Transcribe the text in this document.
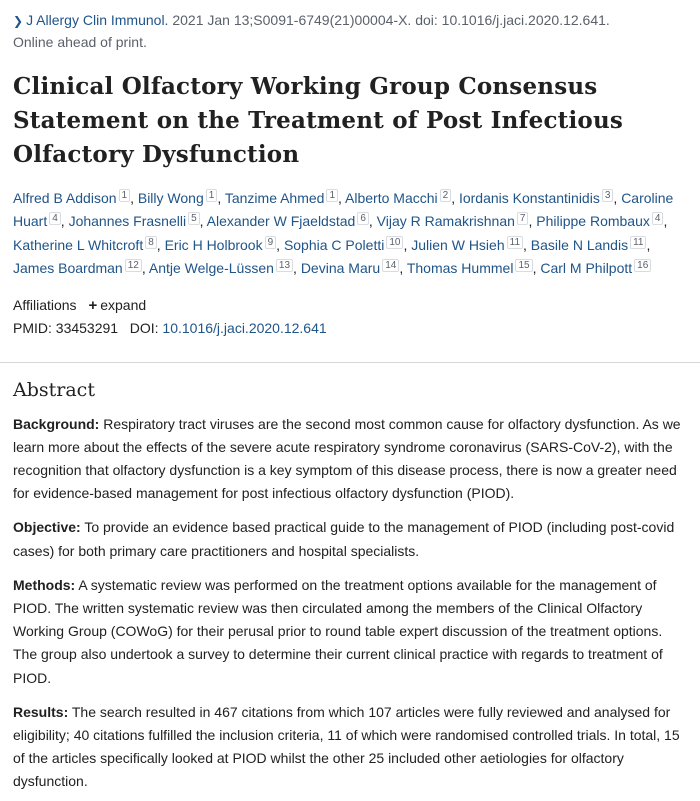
❯ J Allergy Clin Immunol. 2021 Jan 13;S0091-6749(21)00004-X. doi: 10.1016/j.jaci.2020.12.641.
Online ahead of print.
Clinical Olfactory Working Group Consensus Statement on the Treatment of Post Infectious Olfactory Dysfunction
Alfred B Addison $^1$ , Billy Wong $^1$ , Tanzime Ahmed $^1$ , Alberto Macchi $^2$ , Iordanis Konstantinidis $^3$ , Caroline Huart $^4$ , Johannes Frasnelli $^5$ , Alexander W Fjaeldstad $^6$ , Vijay R Ramakrishnan $^7$ , Philippe Rombaux $^4$ , Katherine L Whitcroft $^8$ , Eric H Holbrook $^9$ , Sophia C Poletti $^{10}$ , Julien W Hsieh $^{11}$ , Basile N Landis $^{11}$ , James Boardman $^{12}$ , Antje Welge-Lüssen $^{13}$ , Devina Maru $^{14}$ , Thomas Hummel $^{15}$ , Carl M Philpott $^{16}$
Affiliations + expand
PMID: 33453291 DOI: 10.1016/j.jaci.2020.12.641
Abstract

Background: Respiratory tract viruses are the second most common cause for olfactory dysfunction. As we learn more about the effects of the severe acute respiratory syndrome coronavirus (SARS-CoV-2), with the recognition that olfactory dysfunction is a key symptom of this disease process, there is now a greater need for evidence-based management for post infectious olfactory dysfunction (PIOD).

Objective: To provide an evidence based practical guide to the management of PIOD (including post-covid cases) for both primary care practitioners and hospital specialists.

Methods: A systematic review was performed on the treatment options available for the management of PIOD. The written systematic review was then circulated among the members of the Clinical Olfactory Working Group (COWoG) for their perusal prior to round table expert discussion of the treatment options. The group also undertook a survey to determine their current clinical practice with regards to treatment of PIOD.

Results: The search resulted in 467 citations from which 107 articles were fully reviewed and analysed for eligibility; 40 citations fulfilled the inclusion criteria, 11 of which were randomised controlled trials. In total, 15 of the articles specifically looked at PIOD whilst the other 25 included other aetiologies for olfactory dysfunction.
